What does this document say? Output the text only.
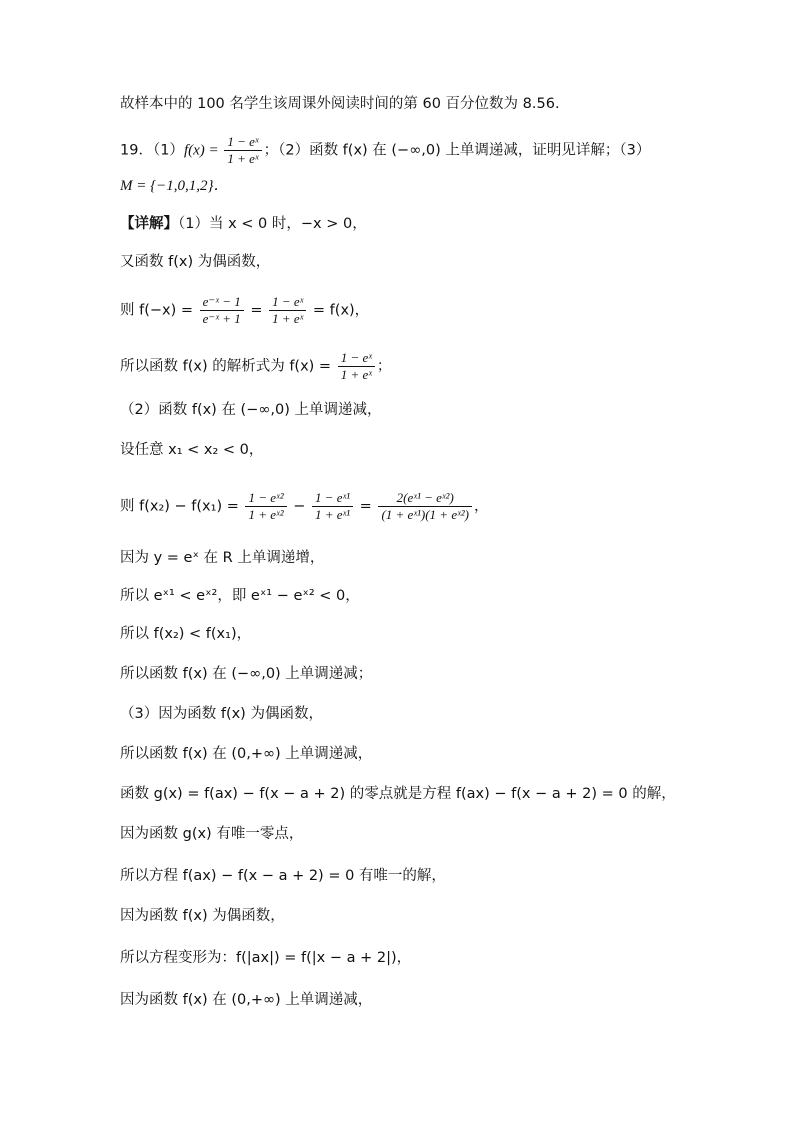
故样本中的 100 名学生该周课外阅读时间的第 60 百分位数为 8.56.
19．$(1)f(x) = \frac{\text{1 − eˣ}}{\text{1 + eˣ}}$ ；（2）函数 f(x) 在 (−∞,0) 上单调递减，证明见详解；（3）
M = {−1,0,1,2}．
【详解】（1）当 x < 0 时，−x > 0，
又函数 f(x) 为偶函数，
则 $f(-x) = \frac{\text{e⁻ˣ − 1}}{\text{e⁻ˣ + 1}} = \frac{\text{1 − eˣ}}{\text{1 + eˣ}} = f(x)$，
所以函数 f(x) 的解析式为 $f(x) = \frac{\text{1 − eˣ}}{\text{1 + eˣ}}$ ；
（2）函数 f(x) 在 (−∞,0) 上单调递减，
设任意 x₁ < x₂ < 0，
则 $f(x_2) - f(x_1) = \frac{\text{1 − eˣ²}}{\text{1 + eˣ²}} - \frac{\text{1 − eˣ¹}}{\text{1 + eˣ¹}} = \frac{\text{2(eˣ¹ − eˣ²)}}{\text{(1 + eˣ¹)(1 + eˣ²)}}$ ，
因为 y = eˣ 在 R 上单调递增，
所以 eˣ¹ < eˣ²，即 eˣ¹ − eˣ² < 0，
所以 f(x₂) < f(x₁)，
所以函数 f(x) 在 (−∞,0) 上单调递减；
（3）因为函数 f(x) 为偶函数，
所以函数 f(x) 在 (0,+∞) 上单调递减，
函数 g(x) = f(ax) − f(x − a + 2) 的零点就是方程 f(ax) − f(x − a + 2) = 0 的解，
因为函数 g(x) 有唯一零点，
所以方程 f(ax) − f(x − a + 2) = 0 有唯一的解，
因为函数 f(x) 为偶函数，
所以方程变形为：f(|ax|) = f(|x − a + 2|)，
因为函数 f(x) 在 (0,+∞) 上单调递减，
